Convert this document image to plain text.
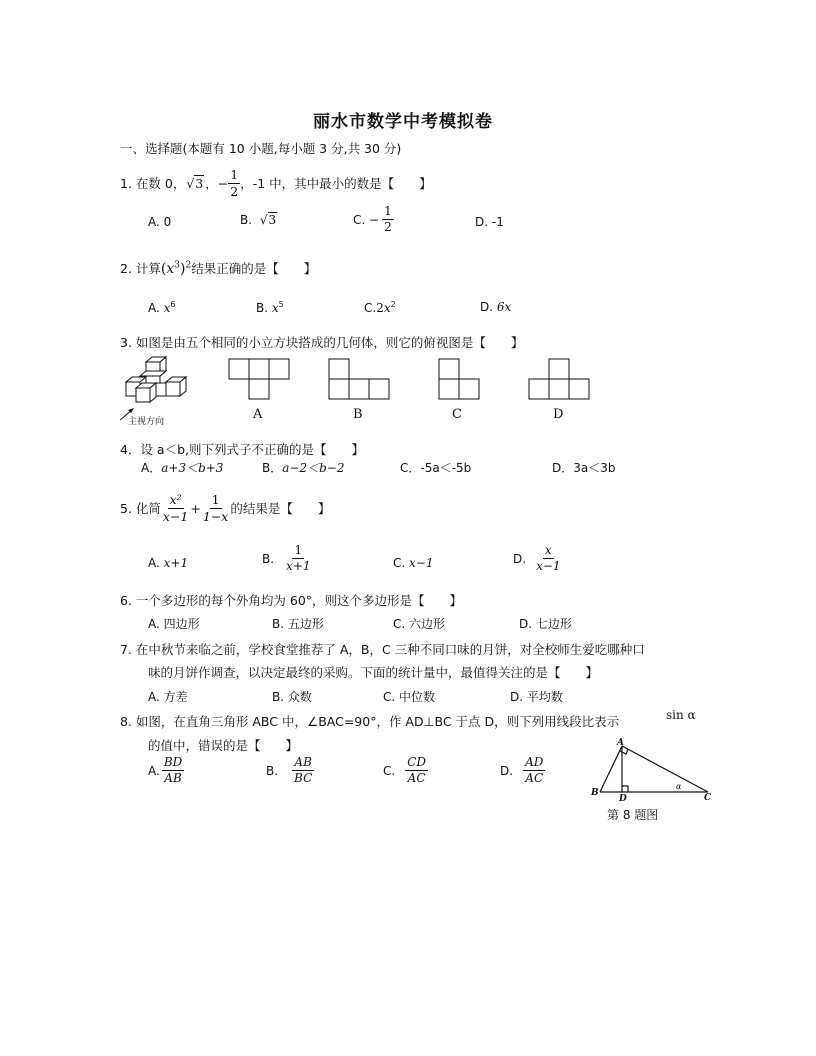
丽水市数学中考模拟卷
一、选择题(本题有 10 小题,每小题 3 分,共 30 分)
1. 在数 0， √3 ，− $\frac{1}{2}$ ，-1 中，其中最小的数是【　　】
A. 0	B. √3	C. − $\frac{1}{2}$	D. -1
2. 计算$(x^3)^2$结果正确的是【　　】
A. $x^6$	B. $x^5$	$C.2x^2$	D. 6x
3. 如图是由五个相同的小立方块搭成的几何体，则它的俯视图是【　　】
主视方向	A	B	C	D
4．设 a＜b,则下列式子不正确的是【　　】
A．a+3＜b+3	B．a−2＜b−2	C．-5a＜-5b	D．3a＜3b
5. 化简 $\frac{\text{x²}}{x-1} + \frac{1}{1-x}$ 的结果是【　　】
A. x+1	B. $\frac{1}{x+1}$	C. x−1	D. $\frac{x}{x-1}$
6. 一个多边形的每个外角均为 60°，则这个多边形是【　　】
A. 四边形	B. 五边形	C. 六边形	D. 七边形
7. 在中秋节来临之前，学校食堂推荐了 A，B，C 三种不同口味的月饼，对全校师生爱吃哪种口
味的月饼作调查，以决定最终的采购。下面的统计量中，最值得关注的是【　　】
A. 方差	B. 众数	C. 中位数	D. 平均数
8. 如图，在直角三角形 ABC 中，∠BAC=90°，作 AD⊥BC 于点 D，则下列用线段比表示	sin α
的值中，错误的是【　　】
A. $\frac{BD}{AB}$	B. $\frac{AB}{BC}$	C. $\frac{CD}{AC}$	D. $\frac{AD}{AC}$
A
B
D	C
α
第 8 题图
